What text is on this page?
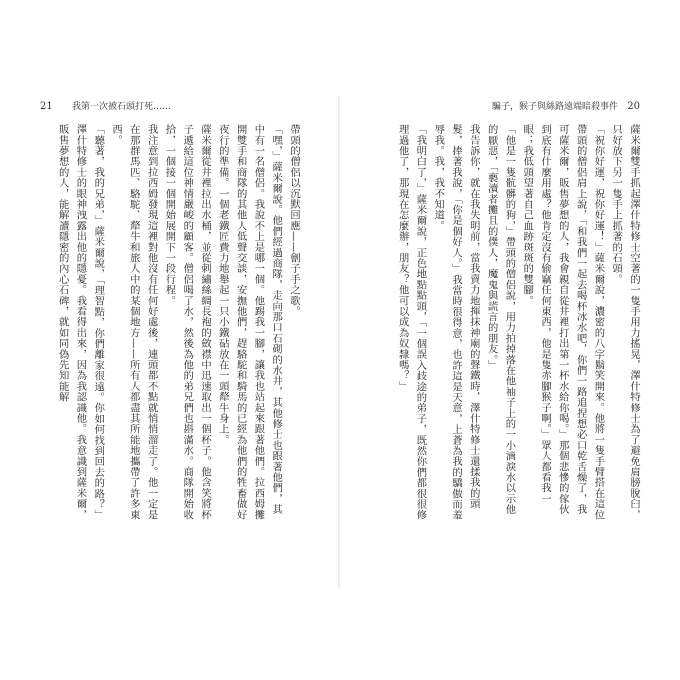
21 我第一次被石頭打死……

帶頭的僧侶以沉默回應——劊子手之歌。

「嘿，」薩米爾說。他們經過商隊，走向那口石砌的水井，其他修士也跟著他們，其中有一名僧侶。我說不上是哪一個。他踢我一腳，讓我也站起來跟著他們。拉西姆攤開雙手和商隊的其他人低聲交談，安撫他們，趕駱駝和騎馬的已經為他們的牲畜做好夜行的準備。一個老鐵匠費力地舉起一只小鐵砧放在一頭犛牛身上。

薩米爾從井裡拉出水桶，並從刺繡絲綢長袍的斂襟中迅速取出一個杯子。他含笑將杯子遞給這位神情嚴峻的顧客。僧侶喝了水，然後為他的弟兄們也斟滿水。商隊開始收拾，一個接一個開始展開下一段行程。

我注意到拉西姆發現這裡對他沒有任何好處後，連頭都不點就悄悄溜走了。他一定是在那群馬匹、駱駝、犛牛和旅人中的某個地方——所有人都盡其所能地攜帶了許多東西。

「聽著，我的兄弟，」薩米爾說，「理智點，你們離家很遠。你如何找到回去的路？」澤什特修士的眼神洩露出他的隱憂。我看得出來，因為我認識他。我意識到薩米爾，販售夢想的人，能解讀隱密的內心石碑，就如同偽先知能解

騙子，猴子與絲路遠端暗殺事件 20

薩米爾雙手抓起澤什特修士空著的一隻手用力搖晃，澤什特修士為了避免肩膀脫臼，只好放下另一隻手上抓著的石頭。

「祝你好運，祝你好運！」薩米爾說，濃密的八字鬍笑開來。他將一隻手臂搭在這位帶頭的僧侶肩上說，「和我們一起去喝杯冰水吧，你們一路追捏想必口乾舌燥了，我可薩米爾，販售夢想的人，我會親自從井裡打出第一杯水給你喝。」那個悲慘的傢伙到底有什麼用處？他肯定沒有偷竊任何東西，他是隻赤腳猴子啊。」眾人都看我一眼；我低頭望著自己血跡斑斑的雙腳。

「他是一隻骯髒的狗，」帶頭的僧侶說，用力拍掉落在他袖子上的一小滴淚水以示他的厭惡，「褻瀆者攤且的僕人，魔鬼與謊言的朋友。」

我告訴你，就在我失明前，當我賣力地揮抹神廟的聲鐵時，澤什特修士還揉我的頭髮，捧著我說，「你是個好人。」我當時很得意，也許這是天意，上蒼為我的驕傲而羞辱我。我，我不知道。

「我明白了，」薩米爾說，正色地點點頭，「一個誤入歧途的弟子，既然你們都很很修理過他了，那現在怎麼辦，朋友？他可以成為奴隸嗎？」
